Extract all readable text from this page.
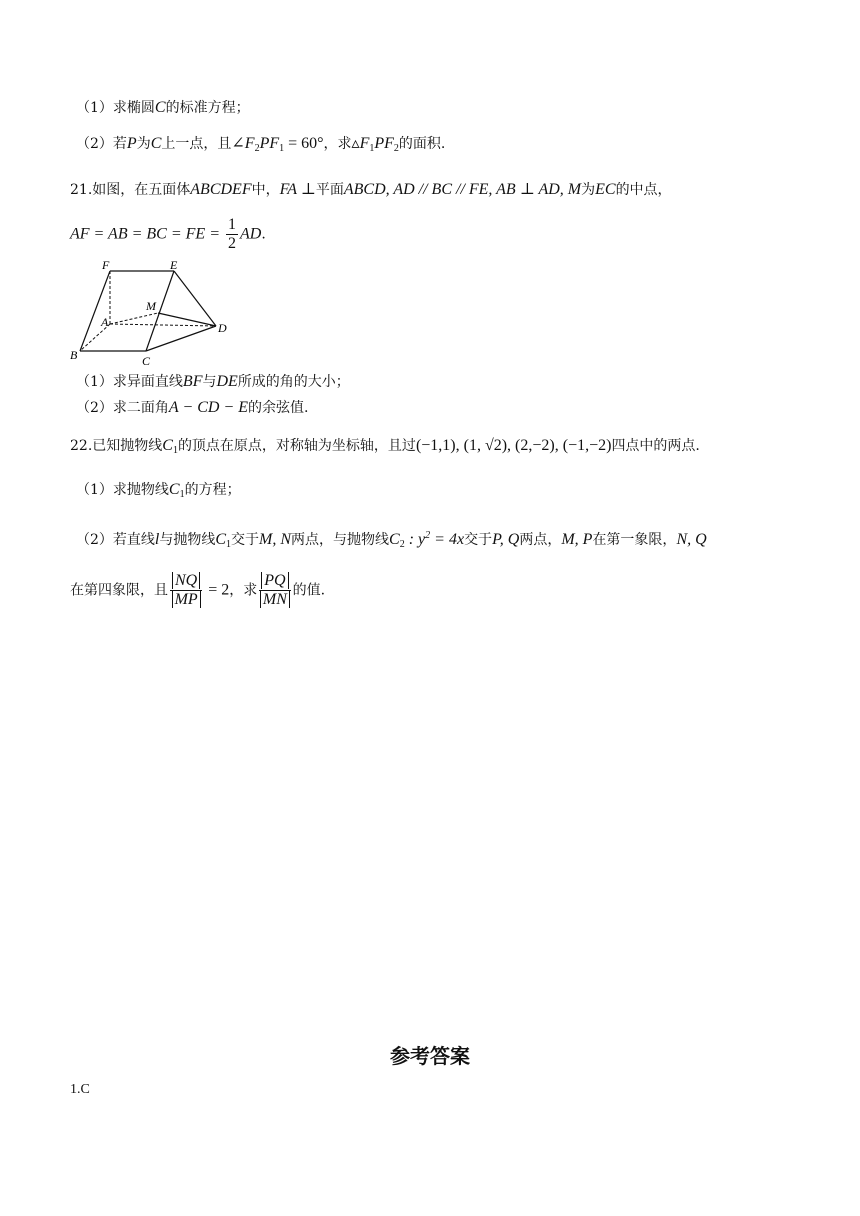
（1）求椭圆C的标准方程；
（2）若P为C上一点，且$\angle F_2PF_1 = 60^\circ$，求$▵F_1PF_2$的面积.
21.如图，在五面体ABCDEF中，FA ⊥平面ABCD, AD // BC // FE, AB ⊥ AD, M为EC的中点，
AF = AB = BC = FE = $\frac{1}{2}$ AD.
F	E
M
A	D
B	C
（1）求异面直线BF与DE所成的角的大小；
（2）求二面角A − CD − E的余弦值.
22.已知抛物线$C_1$的顶点在原点，对称轴为坐标轴，且过(−1,1), (1, √2), (2,−2), (−1,−2)四点中的两点.
（1）求抛物线$C_1$的方程；
（2）若直线l与抛物线$C_1$交于M, N两点，与抛物线$C_2$ : $y^2 = 4x$交于P, Q两点，M, P在第一象限，N, Q
在第四象限，且 $\frac{NQ}{MP} = 2$，求 $\frac{PQ}{MN}$ 的值.
参考答案
1.C
